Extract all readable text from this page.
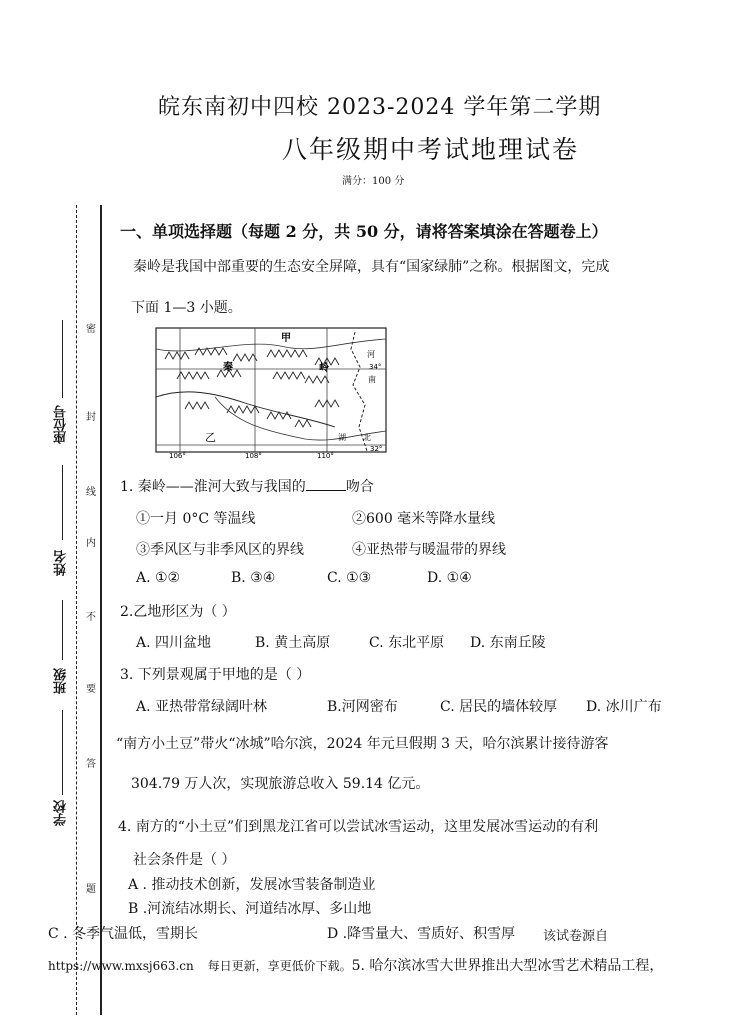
皖东南初中四校 2023-2024 学年第二学期
八年级期中考试地理试卷
满分：100 分
密
封
线
内
不
要
答
题
座位号
姓名
班级
学校
一、单项选择题（每题 2 分，共 50 分，请将答案填涂在答题卷上）
秦岭是我国中部重要的生态安全屏障，具有“国家绿肺”之称。根据图文，完成
下面 1—3 小题。
甲
秦	岭
河
南
34°
湖 北
32°
乙
106°	108°	110°
1. 秦岭——淮河大致与我国的	吻合
①一月 0°C 等温线	②600 毫米等降水量线
③季风区与非季风区的界线	④亚热带与暖温带的界线
A. ①②	B. ③④	C. ①③	D. ①④
2.乙地形区为（ ）
A. 四川盆地	B. 黄土高原	C. 东北平原 D. 东南丘陵
3. 下列景观属于甲地的是（ ）
A. 亚热带常绿阔叶林	B.河网密布	C. 居民的墙体较厚 D. 冰川广布
“南方小土豆”带火“冰城”哈尔滨，2024 年元旦假期 3 天，哈尔滨累计接待游客
304.79 万人次，实现旅游总收入 59.14 亿元。
4. 南方的“小土豆”们到黑龙江省可以尝试冰雪运动，这里发展冰雪运动的有利
社会条件是（ ）
A . 推动技术创新，发展冰雪装备制造业
B .河流结冰期长、河道结冰厚、多山地
C . 冬季气温低，雪期长	D .降雪量大、雪质好、积雪厚 该试卷源自
https://www.mxsj663.cn 每日更新，享更低价下载。5. 哈尔滨冰雪大世界推出大型冰雪艺术精品工程，
